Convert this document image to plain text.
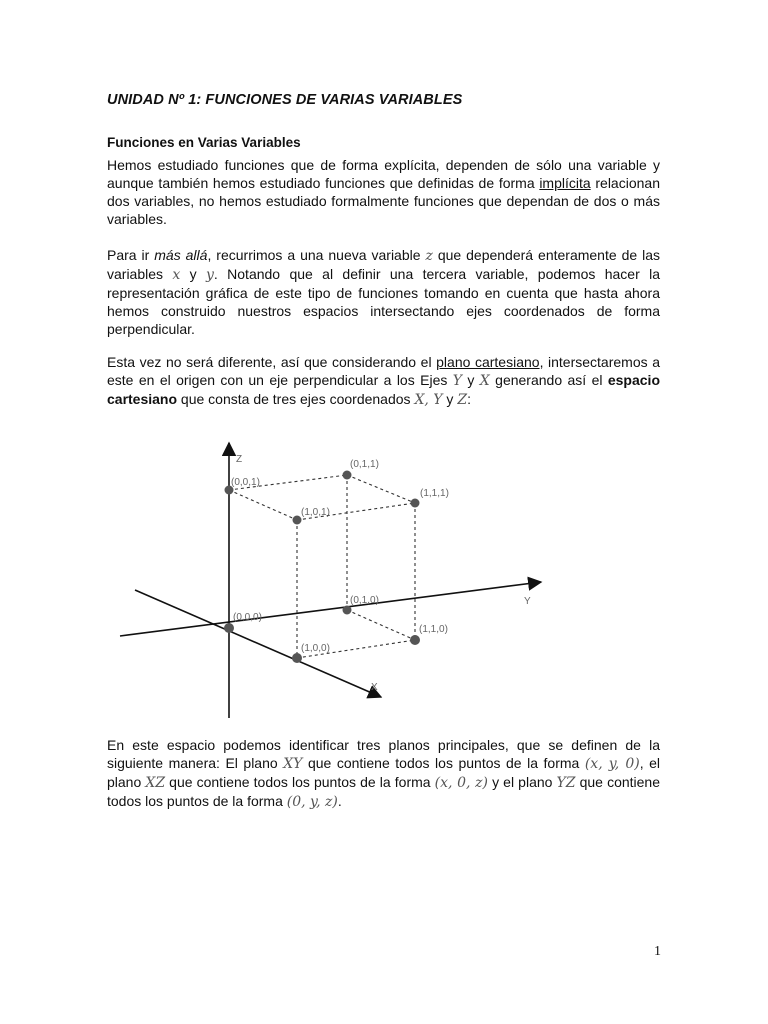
UNIDAD Nº 1: FUNCIONES DE VARIAS VARIABLES
Funciones en Varias Variables

Hemos estudiado funciones que de forma explícita, dependen de sólo una variable y aunque también hemos estudiado funciones que definidas de forma implícita relacionan dos variables, no hemos estudiado formalmente funciones que dependan de dos o más variables.

Para ir más allá, recurrimos a una nueva variable z que dependerá enteramente de las variables x y y. Notando que al definir una tercera variable, podemos hacer la representación gráfica de este tipo de funciones tomando en cuenta que hasta ahora hemos construido nuestros espacios intersectando ejes coordenados de forma perpendicular.

Esta vez no será diferente, así que considerando el plano cartesiano, intersectaremos a este en el origen con un eje perpendicular a los Ejes Y y X generando así el espacio cartesiano que consta de tres ejes coordenados X, Y y Z:

Z
Y
X
(0,0,0)
(0,0,1)
(0,1,1)
(1,1,1)
(1,0,1)
(0,1,0)
(1,1,0)
(1,0,0)

En este espacio podemos identificar tres planos principales, que se definen de la siguiente manera: El plano XY que contiene todos los puntos de la forma (x, y, 0), el plano XZ que contiene todos los puntos de la forma (x, 0, z) y el plano YZ que contiene todos los puntos de la forma (0, y, z).

1
